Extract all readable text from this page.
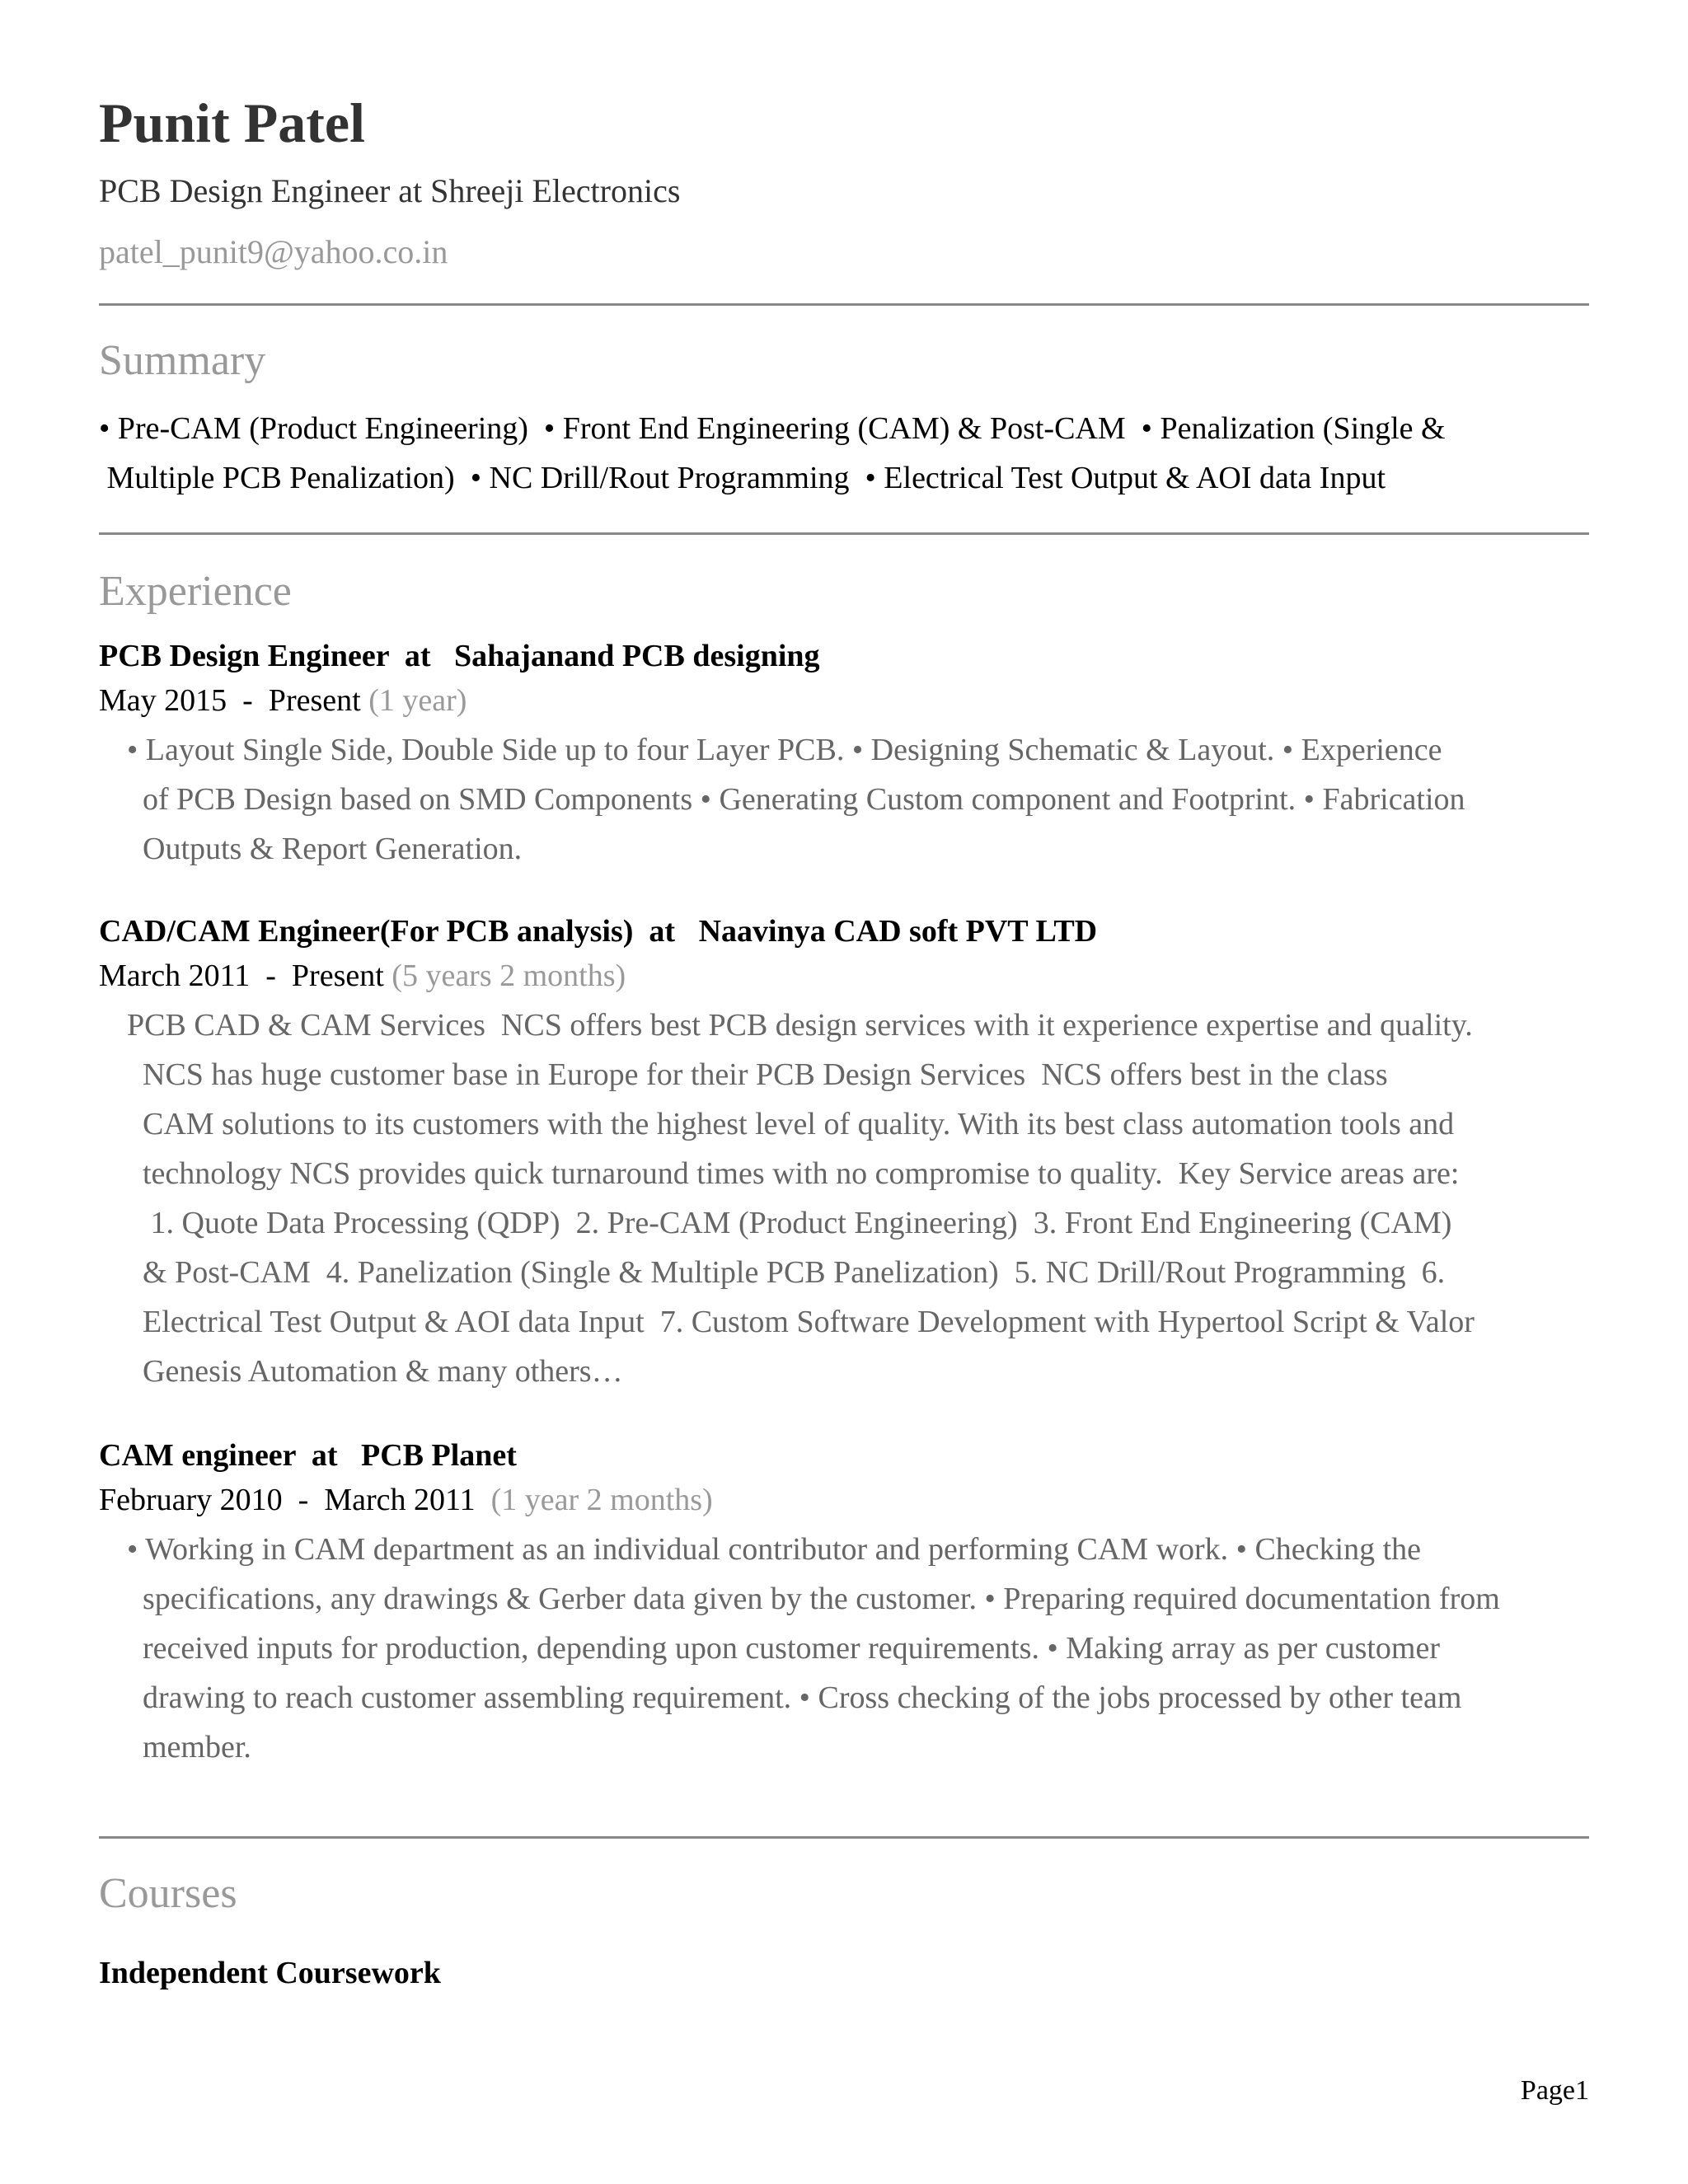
Punit Patel
PCB Design Engineer at Shreeji Electronics
patel_punit9@yahoo.co.in
Summary
• Pre-CAM (Product Engineering)  • Front End Engineering (CAM) & Post-CAM  • Penalization (Single &
Multiple PCB Penalization)  • NC Drill/Rout Programming  • Electrical Test Output & AOI data Input
Experience
PCB Design Engineer  at   Sahajanand PCB designing
May 2015  -  Present (1 year)
• Layout Single Side, Double Side up to four Layer PCB. • Designing Schematic & Layout. • Experience
of PCB Design based on SMD Components • Generating Custom component and Footprint. • Fabrication
Outputs & Report Generation.
CAD/CAM Engineer(For PCB analysis)  at   Naavinya CAD soft PVT LTD
March 2011  -  Present (5 years 2 months)
PCB CAD & CAM Services  NCS offers best PCB design services with it experience expertise and quality.
NCS has huge customer base in Europe for their PCB Design Services  NCS offers best in the class
CAM solutions to its customers with the highest level of quality. With its best class automation tools and
technology NCS provides quick turnaround times with no compromise to quality.  Key Service areas are:
1. Quote Data Processing (QDP)  2. Pre-CAM (Product Engineering)  3. Front End Engineering (CAM)
& Post-CAM  4. Panelization (Single & Multiple PCB Panelization)  5. NC Drill/Rout Programming  6.
Electrical Test Output & AOI data Input  7. Custom Software Development with Hypertool Script & Valor
Genesis Automation & many others…
CAM engineer  at   PCB Planet
February 2010  -  March 2011  (1 year 2 months)
• Working in CAM department as an individual contributor and performing CAM work. • Checking the
specifications, any drawings & Gerber data given by the customer. • Preparing required documentation from
received inputs for production, depending upon customer requirements. • Making array as per customer
drawing to reach customer assembling requirement. • Cross checking of the jobs processed by other team
member.
Courses
Independent Coursework
Page1
